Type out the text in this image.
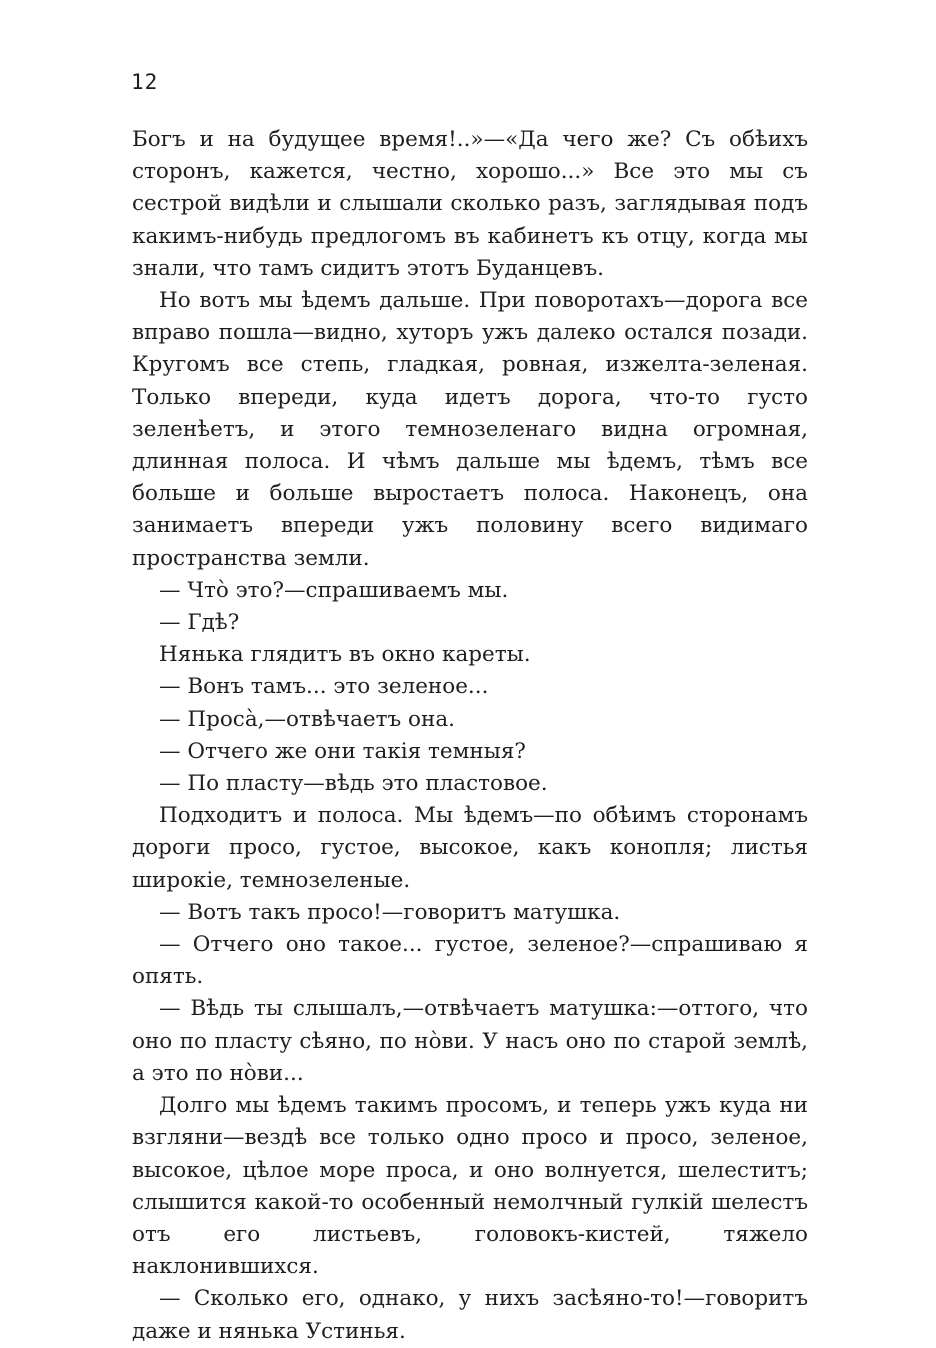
12

Богъ и на будущее время!..»—«Да чего же? Съ обѣихъ сторонъ, кажется, честно, хорошо...» Все это мы съ сестрой видѣли и слышали сколько разъ, заглядывая подъ какимъ-нибудь предлогомъ въ кабинетъ къ отцу, когда мы знали, что тамъ сидитъ этотъ Буданцевъ.

Но вотъ мы ѣдемъ дальше. При поворотахъ—дорога все вправо пошла—видно, хуторъ ужъ далеко остался позади. Кругомъ все степь, гладкая, ровная, изжелта-зеленая. Только впереди, куда идетъ дорога, что-то густо зеленѣетъ, и этого темнозеленаго видна огромная, длинная полоса. И чѣмъ дальше мы ѣдемъ, тѣмъ все больше и больше выростаетъ полоса. Наконецъ, она занимаетъ впереди ужъ половину всего видимаго пространства земли.

— Что̀ это?—спрашиваемъ мы.

— Гдѣ?

Нянька глядитъ въ окно кареты.

— Вонъ тамъ... это зеленое...

— Проса̀,—отвѣчаетъ она.

— Отчего же они такія темныя?

— По пласту—вѣдь это пластовое.

Подходитъ и полоса. Мы ѣдемъ—по обѣимъ сторонамъ дороги просо, густое, высокое, какъ конопля; листья широкіе, темнозеленые.

— Вотъ такъ просо!—говоритъ матушка.

— Отчего оно такое... густое, зеленое?—спрашиваю я опять.

— Вѣдь ты слышалъ,—отвѣчаетъ матушка:—оттого, что оно по пласту сѣяно, по но̀ви. У насъ оно по старой землѣ, а это по но̀ви...

Долго мы ѣдемъ такимъ просомъ, и теперь ужъ куда ни взгляни—вездѣ все только одно просо и просо, зеленое, высокое, цѣлое море проса, и оно волнуется, шелеститъ; слышится какой-то особенный немолчный гулкій шелестъ отъ его листьевъ, головокъ-кистей, тяжело наклонившихся.

— Сколько его, однако, у нихъ засѣяно-то!—говоритъ даже и нянька Устинья.
